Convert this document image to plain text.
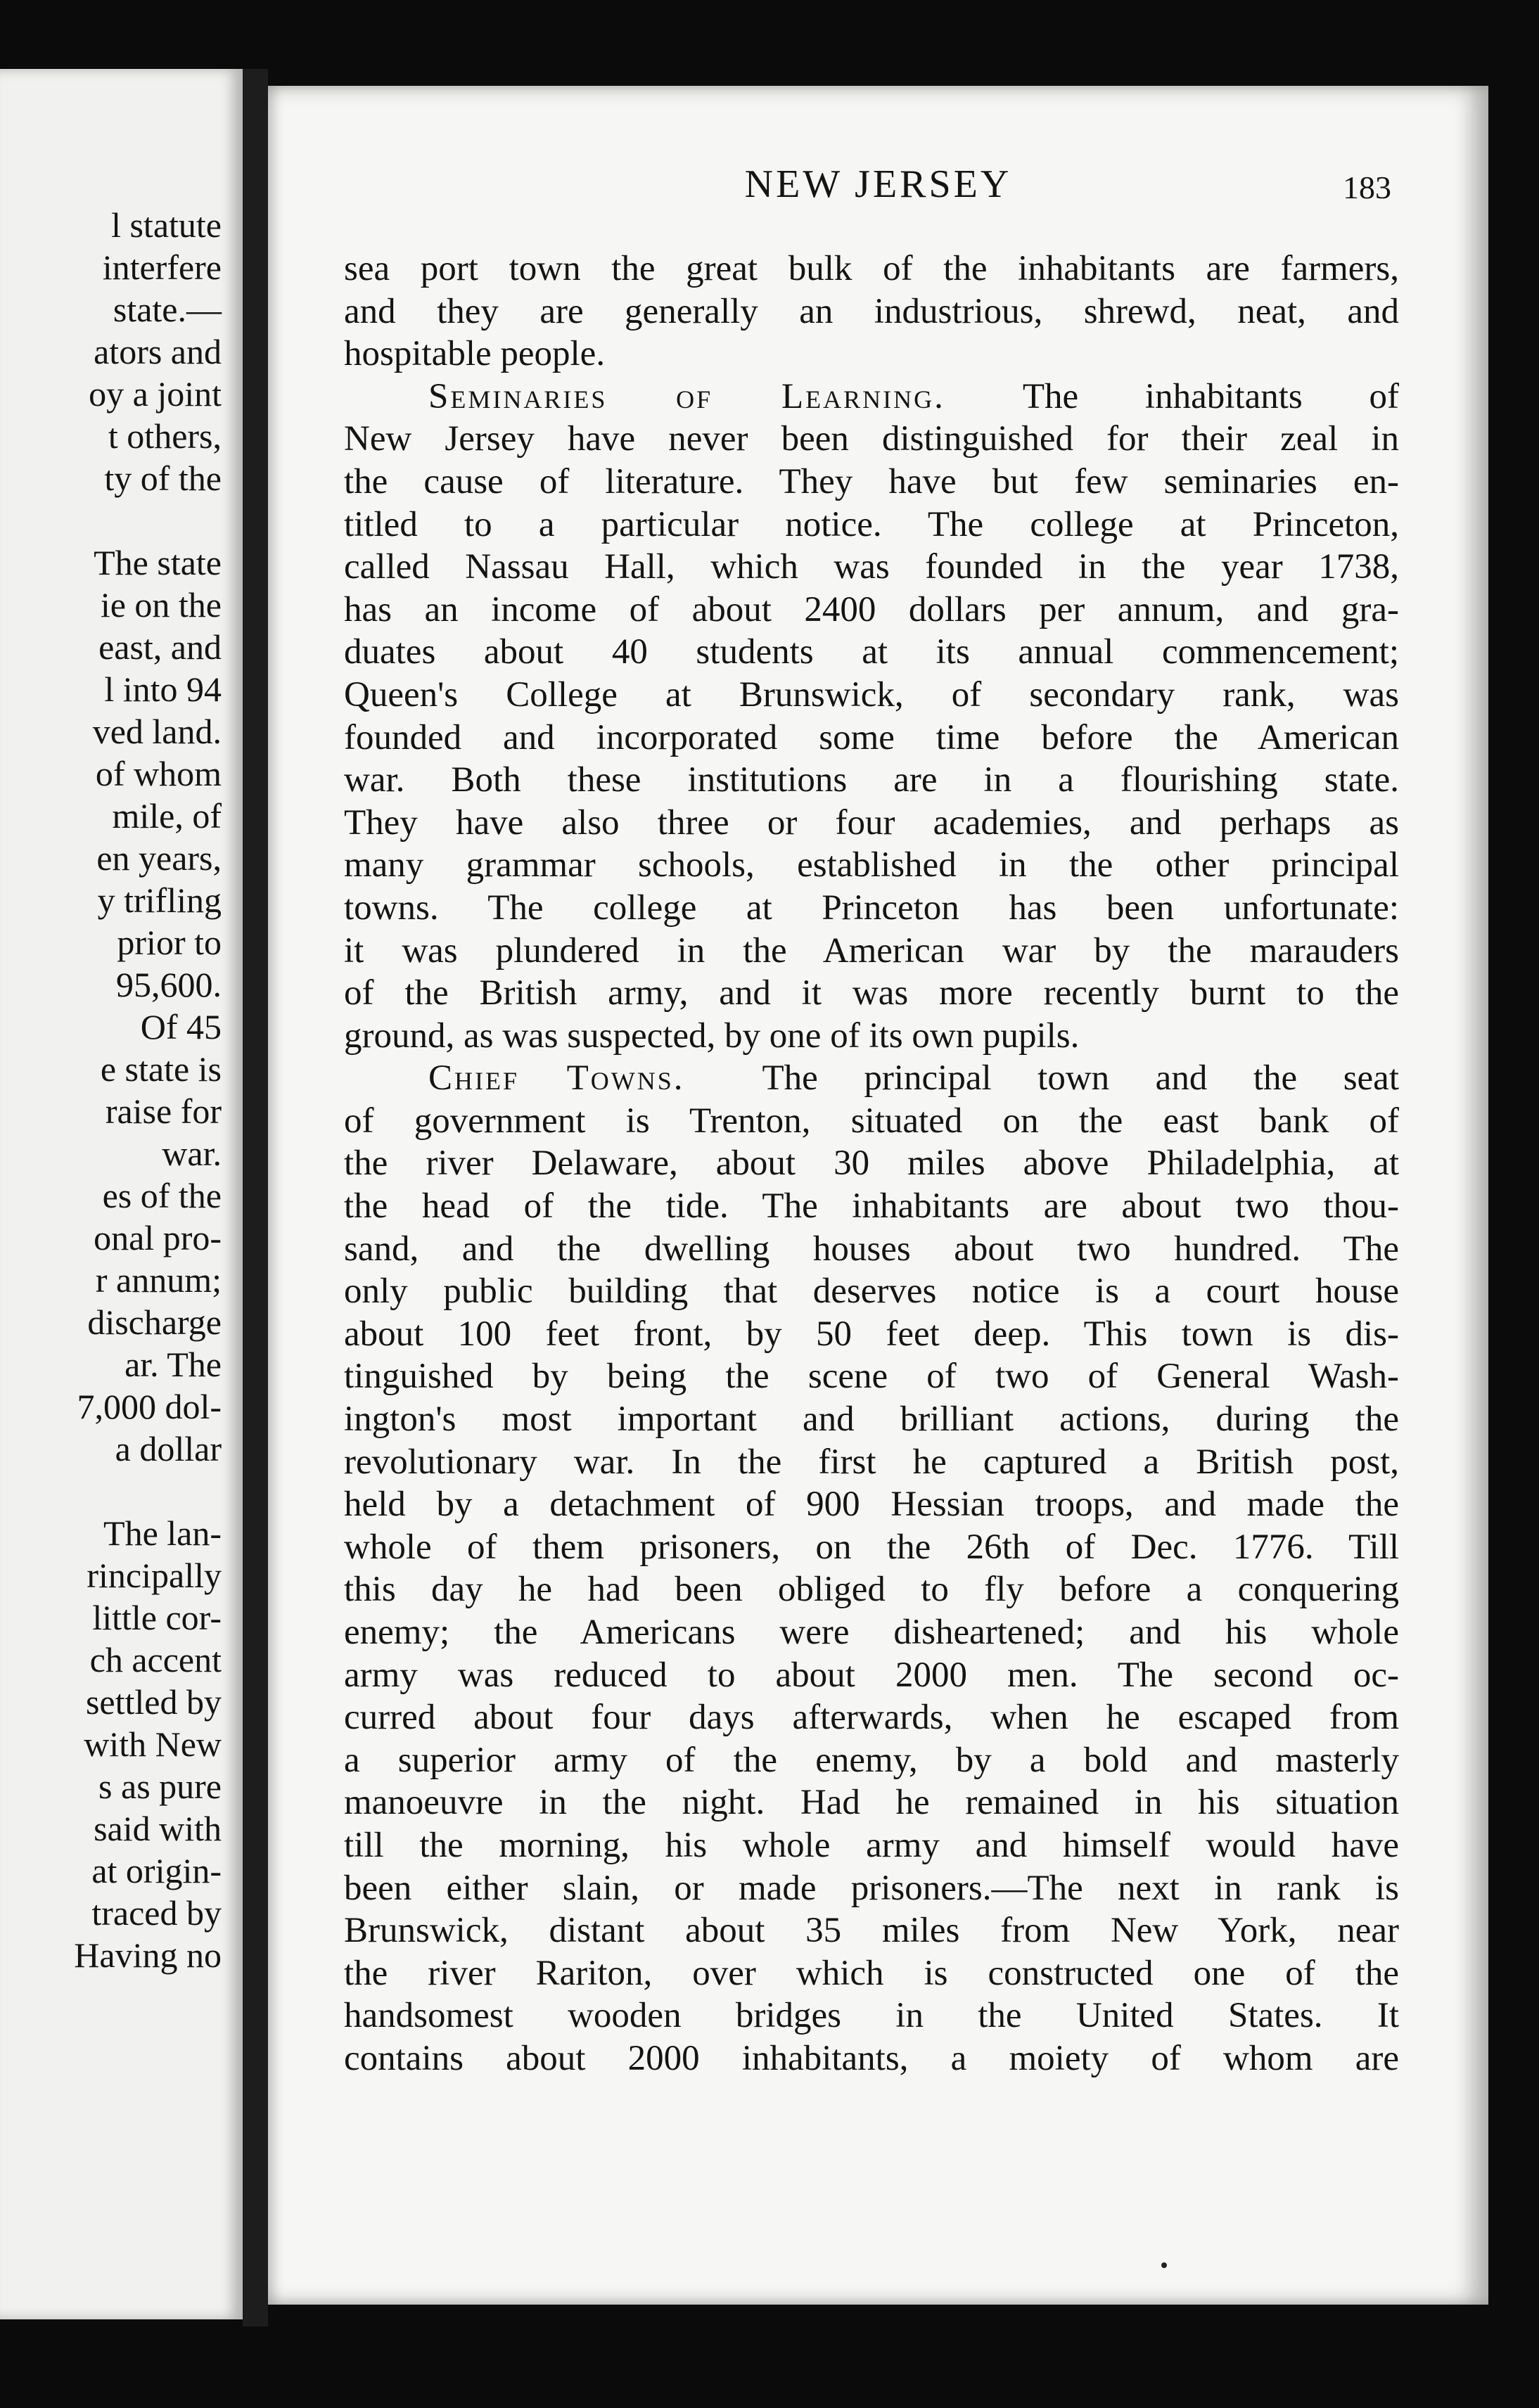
l statute

interfere

state.—

ators and

oy a joint

t others,

ty of the

The state

ie on the

east, and

l into 94

ved land.

of whom

mile, of

en years,

y trifling

prior to

95,600.

Of 45

e state is

raise for

war.

es of the

onal pro-

r annum;

discharge

ar. The

7,000 dol-

a dollar

The lan-

rincipally

little cor-

ch accent

settled by

with New

s as pure

said with

at origin-

traced by

Having no

NEW JERSEY	183

sea port town the great bulk of the inhabitants are farmers,

and they are generally an industrious, shrewd, neat, and

hospitable people.

Seminaries of Learning. The inhabitants of

New Jersey have never been distinguished for their zeal in

the cause of literature. They have but few seminaries en-

titled to a particular notice. The college at Princeton,

called Nassau Hall, which was founded in the year 1738,

has an income of about 2400 dollars per annum, and gra-

duates about 40 students at its annual commencement;

Queen's College at Brunswick, of secondary rank, was

founded and incorporated some time before the American

war. Both these institutions are in a flourishing state.

They have also three or four academies, and perhaps as

many grammar schools, established in the other principal

towns. The college at Princeton has been unfortunate:

it was plundered in the American war by the marauders

of the British army, and it was more recently burnt to the

ground, as was suspected, by one of its own pupils.

Chief Towns. The principal town and the seat

of government is Trenton, situated on the east bank of

the river Delaware, about 30 miles above Philadelphia, at

the head of the tide. The inhabitants are about two thou-

sand, and the dwelling houses about two hundred. The

only public building that deserves notice is a court house

about 100 feet front, by 50 feet deep. This town is dis-

tinguished by being the scene of two of General Wash-

ington's most important and brilliant actions, during the

revolutionary war. In the first he captured a British post,

held by a detachment of 900 Hessian troops, and made the

whole of them prisoners, on the 26th of Dec. 1776. Till

this day he had been obliged to fly before a conquering

enemy; the Americans were disheartened; and his whole

army was reduced to about 2000 men. The second oc-

curred about four days afterwards, when he escaped from

a superior army of the enemy, by a bold and masterly

manoeuvre in the night. Had he remained in his situation

till the morning, his whole army and himself would have

been either slain, or made prisoners.—The next in rank is

Brunswick, distant about 35 miles from New York, near

the river Rariton, over which is constructed one of the

handsomest wooden bridges in the United States. It

contains about 2000 inhabitants, a moiety of whom are
